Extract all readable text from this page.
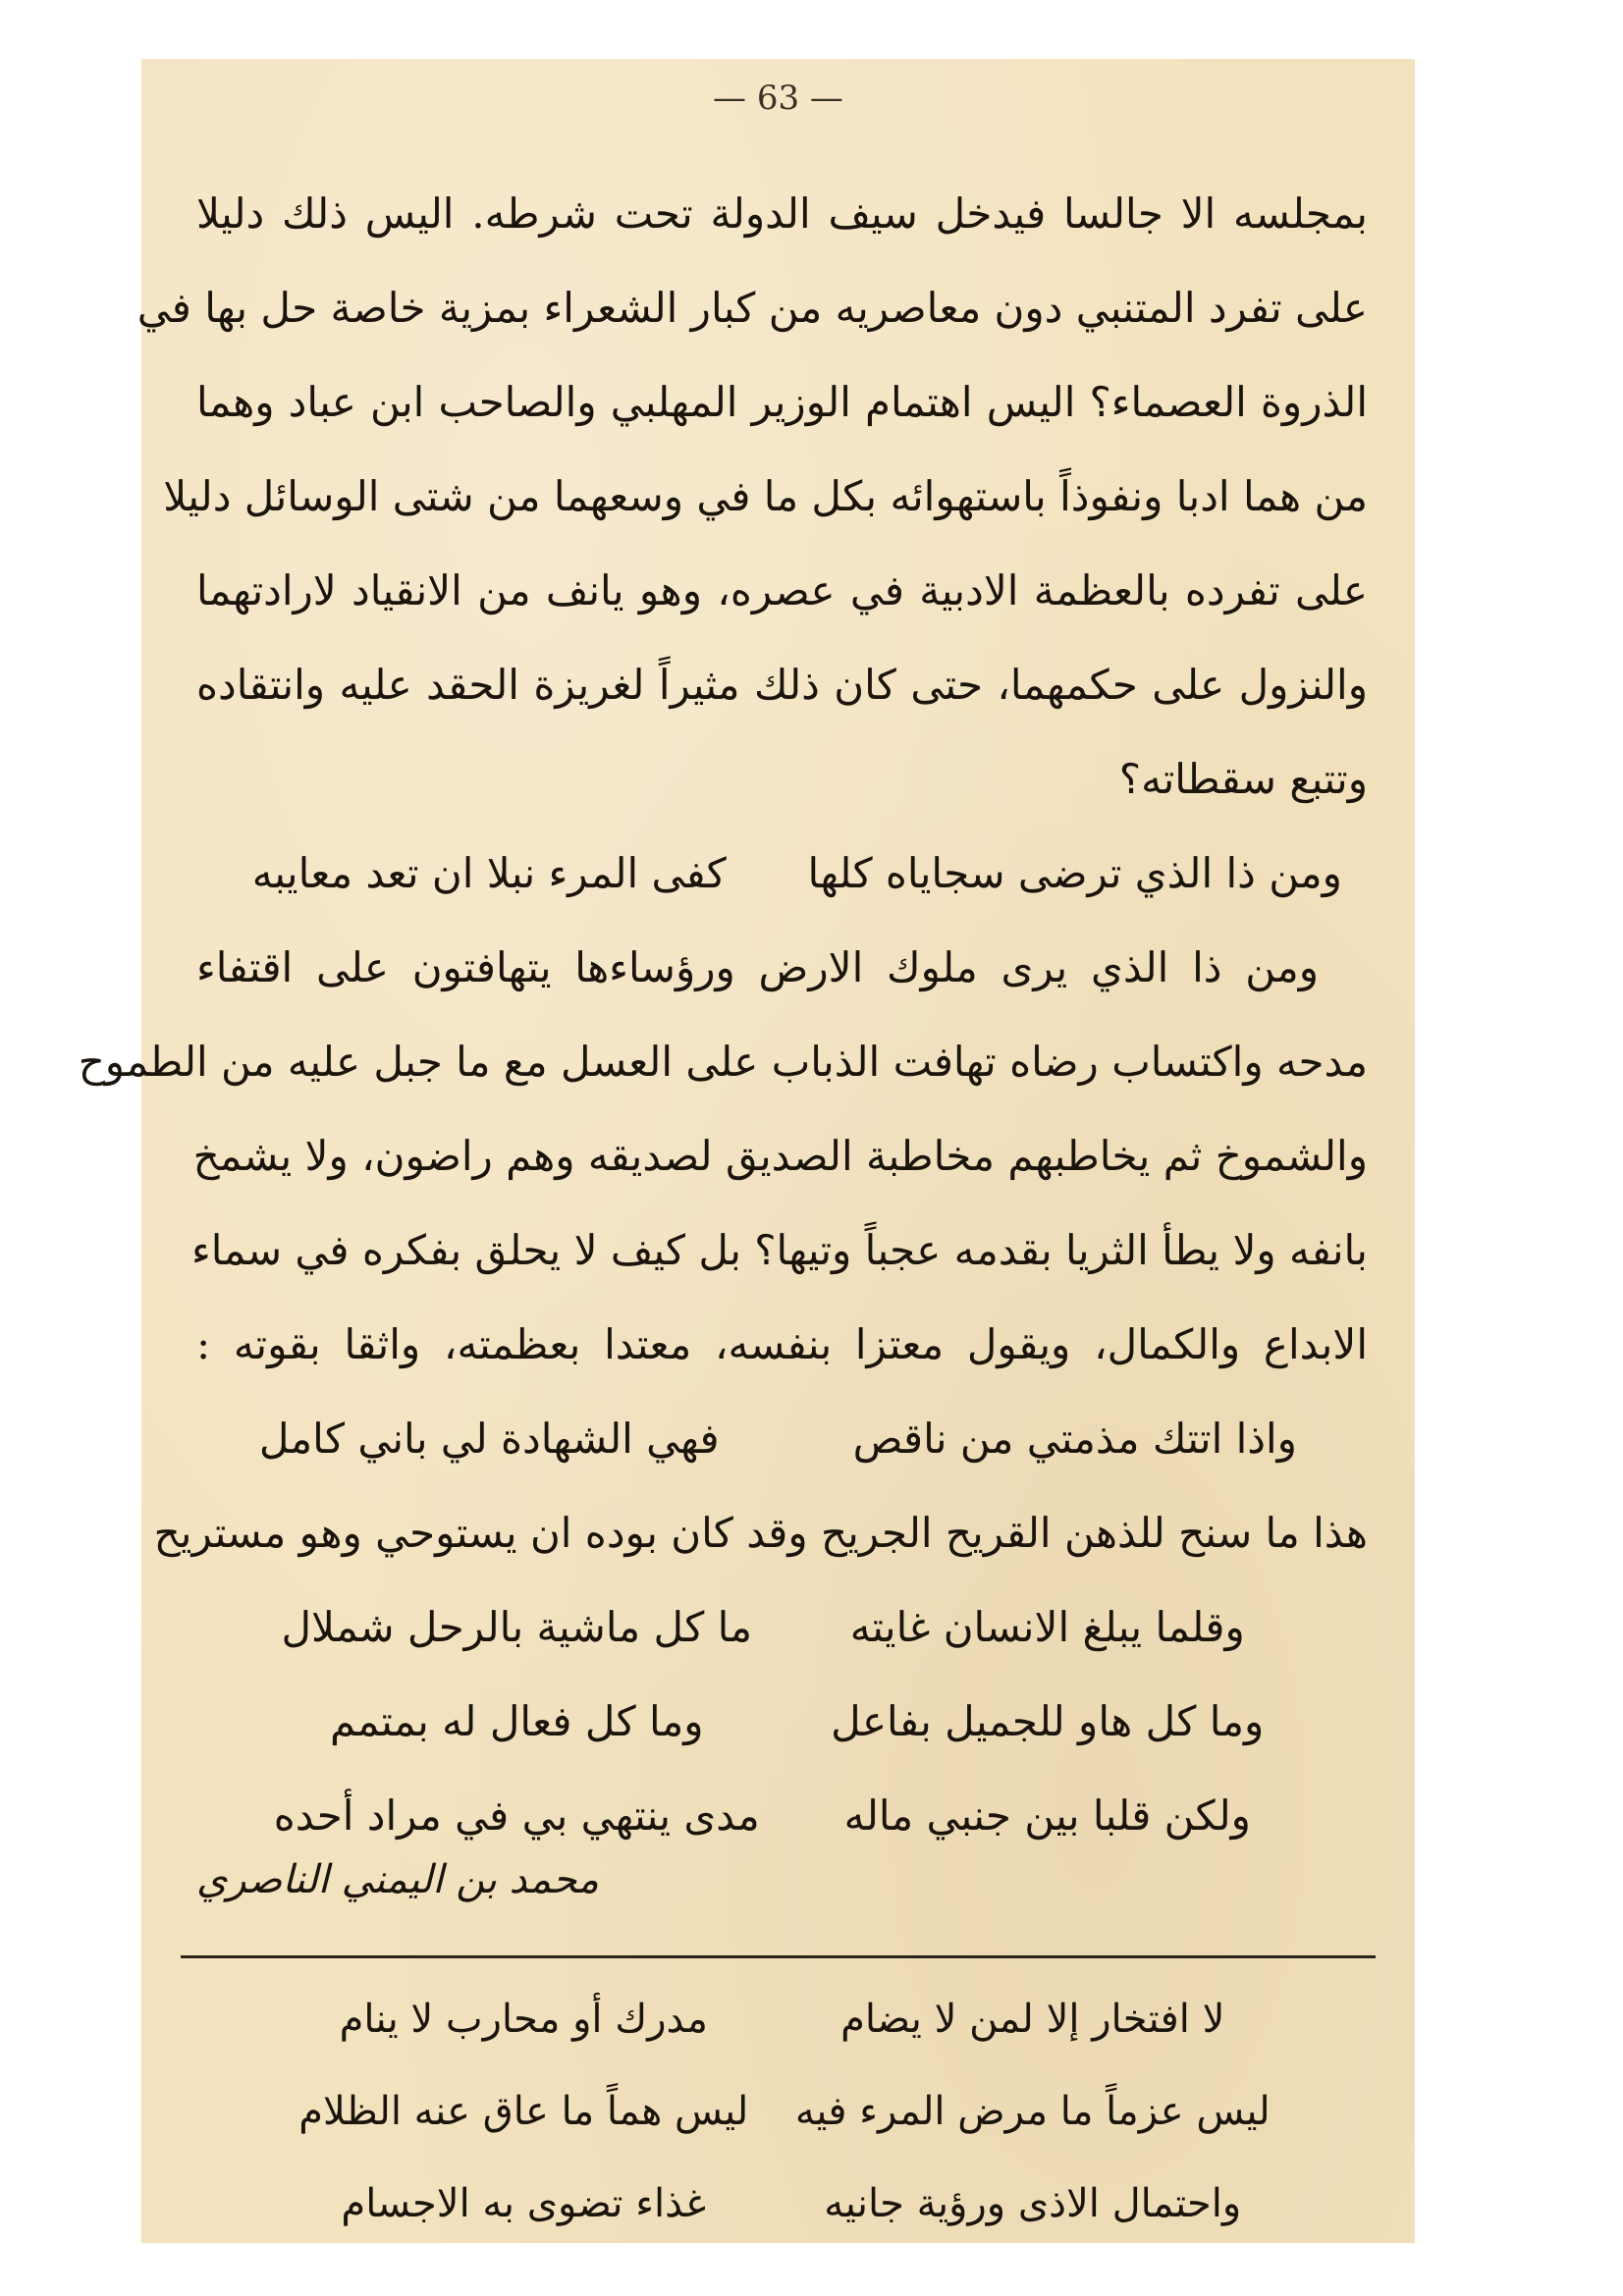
— 63 —
بمجلسه الا جالسا فيدخل سيف الدولة تحت شرطه. اليس ذلك دليلا
على تفرد المتنبي دون معاصريه من كبار الشعراء بمزية خاصة حل بها في
الذروة العصماء؟ اليس اهتمام الوزير المهلبي والصاحب ابن عباد وهما
من هما ادبا ونفوذاً باستهوائه بكل ما في وسعهما من شتى الوسائل دليلا
على تفرده بالعظمة الادبية في عصره، وهو يانف من الانقياد لارادتهما
والنزول على حكمهما، حتى كان ذلك مثيراً لغريزة الحقد عليه وانتقاده
وتتبع سقطاته؟
ومن ذا الذي ترضى سجاياه كلها
كفى المرء نبلا ان تعد معايبه
ومن ذا الذي يرى ملوك الارض ورؤساءها يتهافتون على اقتفاء
مدحه واكتساب رضاه تهافت الذباب على العسل مع ما جبل عليه من الطموح
والشموخ ثم يخاطبهم مخاطبة الصديق لصديقه وهم راضون، ولا يشمخ
بانفه ولا يطأ الثريا بقدمه عجباً وتيها؟ بل كيف لا يحلق بفكره في سماء
الابداع والكمال، ويقول معتزا بنفسه، معتدا بعظمته، واثقا بقوته :
واذا اتتك مذمتي من ناقص
فهي الشهادة لي باني كامل
هذا ما سنح للذهن القريح الجريح وقد كان بوده ان يستوحي وهو مستريح
وقلما يبلغ الانسان غايته
ما كل ماشية بالرحل شملال
وما كل هاو للجميل بفاعل
وما كل فعال له بمتمم
ولكن قلبا بين جنبي ماله
مدى ينتهي بي في مراد أحده
محمد بن اليمني الناصري
لا افتخار إلا لمن لا يضام
مدرك أو محارب لا ينام
ليس عزماً ما مرض المرء فيه
ليس هماً ما عاق عنه الظلام
واحتمال الاذى ورؤية جانيه
غذاء تضوى به الاجسام
